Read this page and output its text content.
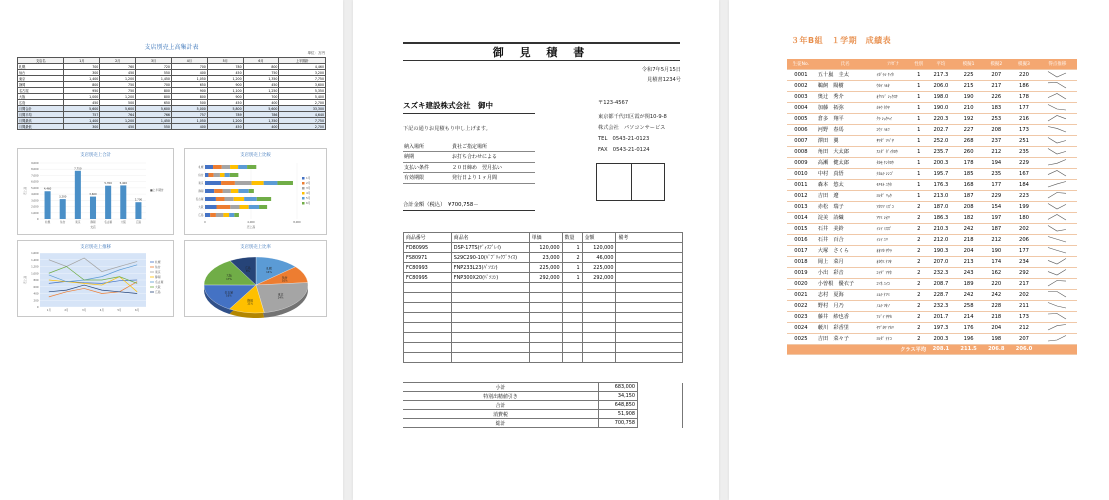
支店別売上高集計表
単位：万円
支店名	1月	2月	3月	4月	5月	6月	上半期計
札幌	700	760	720	700	780	800	4,460
仙台	300	450	550	400	450	750	3,200
東京	1,400	1,200	1,450	1,050	1,200	1,350	7,750
静岡	800	750	700	650	900	450	3,600
名古屋	950	750	800	900	1,100	1,250	5,350
大阪	1,000	1,200	800	800	900	700	5,400
広島	450	500	650	500	450	400	2,700
月間合計	5,600	5,600	5,600	5,000	5,800	5,600	33,300
月間平均	757	764	766	757	789	786	4,640
月間最高	1,400	1,200	1,450	1,050	1,200	1,350	7,750
月間最低	300	450	550	400	450	400	2,700
支店別売上合計
9,000
8,000
7,000
6,000
5,000
4,000
3,000
2,000
1,000
0
4,460
札幌
3,200
仙台
7,750
東京
3,600
静岡
5,350
名古屋
5,400
大阪
2,700
広島
支店
売上高	■上半期計
支店別売上比較
0	4,000	8,000
札幌
仙台
東京
静岡
名古屋
大阪
広島
売上高
1月
2月
3月
4月
5月
6月
支店別売上推移
1,600
1,400
1,200
1,000
800
600
400
200
0
1月	2月	3月	4月	5月	6月
札幌
仙台
東京
静岡
名古屋
大阪
広島
売上高
支店別売上比率
札幌
14%
仙台
10%
東京
24%
静岡
11%
名古屋
16%
大阪
17%
広島
8%
御 見 積 書
令和7年5月15日
見積書1234号
スズキ建設株式会社　御中
下記の通りお見積もり申し上げます。
納入場所	貴社ご指定場所
納期	お打ち合わせによる
支払い条件	２０日締め　翌月払い
有効期限	発行日より１ヶ月間
合計金額（税込）　¥700,758－
〒123-4567
東京都千代田区霞が関10-9-8
株式会社　パソコンサービス
TEL　0543-21-0123
FAX　0543-21-0124
商品番号	商品名	単価	数量	金額	備考
FD80995	DSP-17TS(ﾃﾞｨｽﾌﾟﾚｲ)	120,000	1	120,000	
FS80971	S29C290-10(ﾊﾟﾌﾞﾘｯｸﾌﾟﾗｲｽ)	23,000	2	46,000	
FC80993	FNP233L23(ﾊﾟｿｺﾝ)	225,000	1	225,000	
FC80995	FNP300X20(ﾊﾟｿｺﾝ)	292,000	1	292,000	

小計	683,000	
特別出精値引き	34,150	
合計	648,850	
消費税	51,908	
総計	700,758	
３年B組　１学期　成績表
生徒No.	氏名	ﾌﾘｶﾞﾅ	性別	平均	模擬1	模擬2	模擬3	得点推移
0001	五十嵐　圭太	ｲｶﾞﾗｼ ｹｲﾀ	1	217.3	225	207	220	
0002	鵜飼　陽樹	ｳｶｲ ﾊﾙｷ	1	206.0	215	217	186	
0003	奥辻　秀介	ｵｸﾂｼﾞ ｼｭｳｽｹ	1	198.0	190	226	178	
0004	加藤　拓弥	ｶﾄｳ ﾀｸﾔ	1	190.0	210	183	177	
0005	倉多　翔平	ｸﾗ ｼｮｳﾍｲ	1	220.3	192	253	216	
0006	河野　春馬	ｺｳﾉ ﾊﾙﾏ	1	202.7	227	208	173	
0007	澤田　翼	ｻﾜﾀﾞ ﾂﾊﾞｻ	1	252.0	268	237	251	
0008	角田　大太郎	ｽﾐﾀﾞ ﾀﾞｲﾀﾛｳ	1	235.7	260	212	235	
0009	高瀬　健太郎	ﾀｶｾ ｹﾝﾀﾛｳ	1	200.3	178	194	229	
0010	中村　真悟	ﾅｶﾑﾗ ｼﾝｺﾞ	1	195.7	185	235	167	
0011	森本　悠太	ﾓﾘﾓﾄ ﾕｳﾀ	1	176.3	168	177	184	
0012	吉田　遼	ﾖｼﾀﾞ ﾘｮｳ	1	213.0	187	229	223	
0013	赤松　瑞子	ｱｶﾏﾂ ﾐｽﾞｺ	2	187.0	208	154	199	
0014	淀美　詩織	ｱﾜﾐ ｼｵﾘ	2	186.3	182	197	180	
0015	石井　美鈴	ｲｼｲ ﾐｽｽﾞ	2	210.3	242	187	202	
0016	石井　百合	ｲｼｲ ﾕﾘ	2	212.0	218	212	206	
0017	大塚　さくら	ｵｵﾂｶ ｻｸﾗ	2	190.3	204	190	177	
0018	岡上　菜月	ｵｶｳｴ ﾅﾂｷ	2	207.0	213	174	234	
0019	小出　彩音	ｺｲﾃﾞ ｱﾔﾈ	2	232.3	243	162	292	
0020	小曽根　優衣子	ｺｿﾈ ﾕｲｺ	2	208.7	189	220	217	
0021	志村　夏海	ｼﾑﾗ ﾅﾂﾐ	2	228.7	242	242	202	
0022	野村　月乃	ﾉﾑﾗ ﾂｷﾉ	2	232.3	258	228	211	
0023	藤井　紗也香	ﾌｼﾞｲ ｻﾔｶ	2	201.7	214	218	173	
0024	藪川　彩香里	ﾔﾌﾞｶﾜ ｱｶﾘ	2	197.3	176	204	212	
0025	吉田　菜々子	ﾖｼﾀﾞ ﾅﾅｺ	2	200.3	196	198	207	
クラス平均				208.1	211.5	206.8	206.0	
